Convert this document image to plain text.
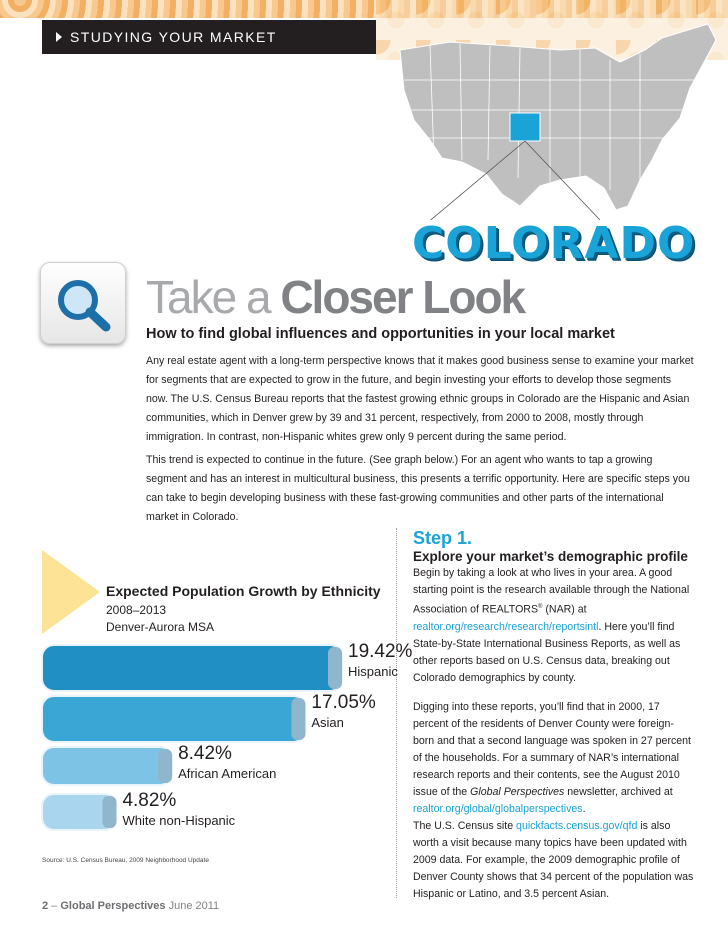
STUDYING YOUR MARKET
COLORADO
Take a Closer Look
How to find global influences and opportunities in your local market
Any real estate agent with a long-term perspective knows that it makes good business sense to examine your market for segments that are expected to grow in the future, and begin investing your efforts to develop those segments now. The U.S. Census Bureau reports that the fastest growing ethnic groups in Colorado are the Hispanic and Asian communities, which in Denver grew by 39 and 31 percent, respectively, from 2000 to 2008, mostly through immigration. In contrast, non-Hispanic whites grew only 9 percent during the same period.
This trend is expected to continue in the future. (See graph below.) For an agent who wants to tap a growing segment and has an interest in multicultural business, this presents a terrific opportunity. Here are specific steps you can take to begin developing business with these fast-growing communities and other parts of the international market in Colorado.
Step 1.
Explore your market’s demographic profile
Begin by taking a look at who lives in your area. A good starting point is the research available through the National Association of REALTORS® (NAR) at realtor.org/research/research/reportsintl. Here you’ll find State-by-State International Business Reports, as well as other reports based on U.S. Census data, breaking out Colorado demographics by county.
Digging into these reports, you’ll find that in 2000, 17 percent of the residents of Denver County were foreign-born and that a second language was spoken in 27 percent of the households. For a summary of NAR’s international research reports and their contents, see the August 2010 issue of the Global Perspectives newsletter, archived at realtor.org/global/globalperspectives.
The U.S. Census site quickfacts.census.gov/qfd is also worth a visit because many topics have been updated with 2009 data. For example, the 2009 demographic profile of Denver County shows that 34 percent of the population was Hispanic or Latino, and 3.5 percent Asian.
Expected Population Growth by Ethnicity
2008–2013
Denver-Aurora MSA
19.42%
Hispanic
17.05%
Asian
8.42%
African American
4.82%
White non-Hispanic
Source: U.S. Census Bureau, 2009 Neighborhood Update
2 – Global Perspectives June 2011
